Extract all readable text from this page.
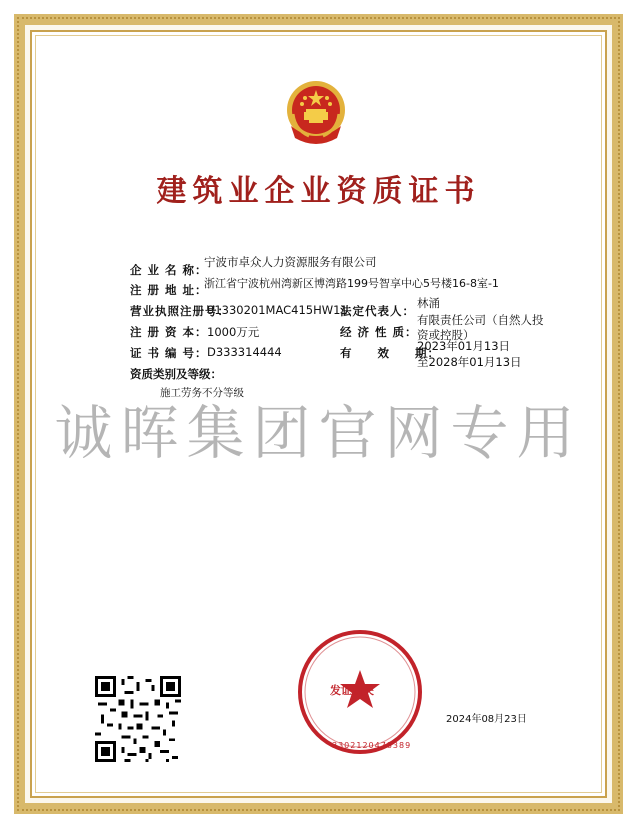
建筑业企业资质证书
企 业 名 称：
宁波市卓众人力资源服务有限公司
注 册 地 址：
浙江省宁波杭州湾新区博湾路199号智享中心5号楼16-8室-1
营业执照注册号：
91330201MAC415HW11
法定代表人：
林涌
注 册 资 本： 1000万元	经 济 性 质：
有限责任公司（自然人投资或控股）
证 书 编 号： D333314444	有　　效　　期：
2023年01月13日
至2028年01月13日
资质类别及等级：
施工劳务不分等级
诚晖集团官网专用
发证机关
3302120478389
2024年08月23日
